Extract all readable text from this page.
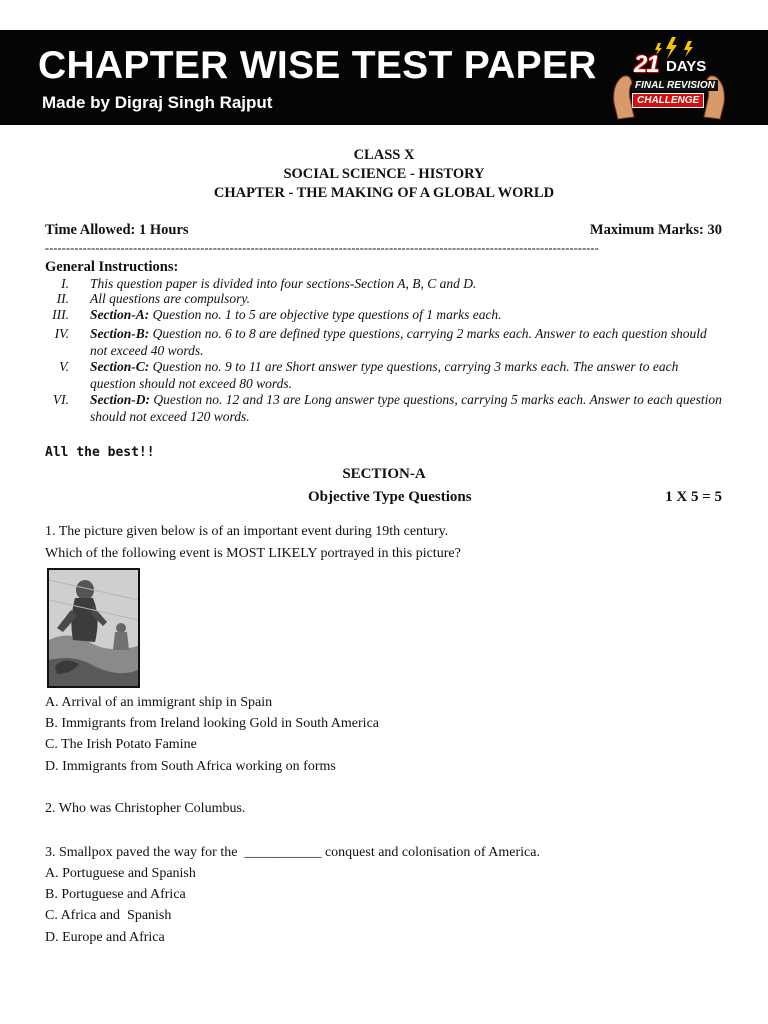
CHAPTER WISE TEST PAPER
Made by Digraj Singh Rajput
21 DAYS
FINAL REVISION
CHALLENGE
CLASS X
SOCIAL SCIENCE - HISTORY
CHAPTER - THE MAKING OF A GLOBAL WORLD
Time Allowed: 1 Hours	Maximum Marks: 30
------------------------------------------------------------------------------------------------------------------------------------
General Instructions:
I. This question paper is divided into four sections-Section A, B, C and D.
II. All questions are compulsory.
III. Section-A: Question no. 1 to 5 are objective type questions of 1 marks each.
IV. Section-B: Question no. 6 to 8 are defined type questions, carrying 2 marks each. Answer to each question should not exceed 40 words.
V. Section-C: Question no. 9 to 11 are Short answer type questions, carrying 3 marks each. The answer to each question should not exceed 80 words.
VI. Section-D: Question no. 12 and 13 are Long answer type questions, carrying 5 marks each. Answer to each question should not exceed 120 words.
All the best!!
SECTION-A
Objective Type Questions	1 X 5 = 5
1. The picture given below is of an important event during 19th century.
Which of the following event is MOST LIKELY portrayed in this picture?
A. Arrival of an immigrant ship in Spain
B. Immigrants from Ireland looking Gold in South America
C. The Irish Potato Famine
D. Immigrants from South Africa working on forms
2. Who was Christopher Columbus.
3. Smallpox paved the way for the  ___________ conquest and colonisation of America.
A. Portuguese and Spanish
B. Portuguese and Africa
C. Africa and  Spanish
D. Europe and Africa
